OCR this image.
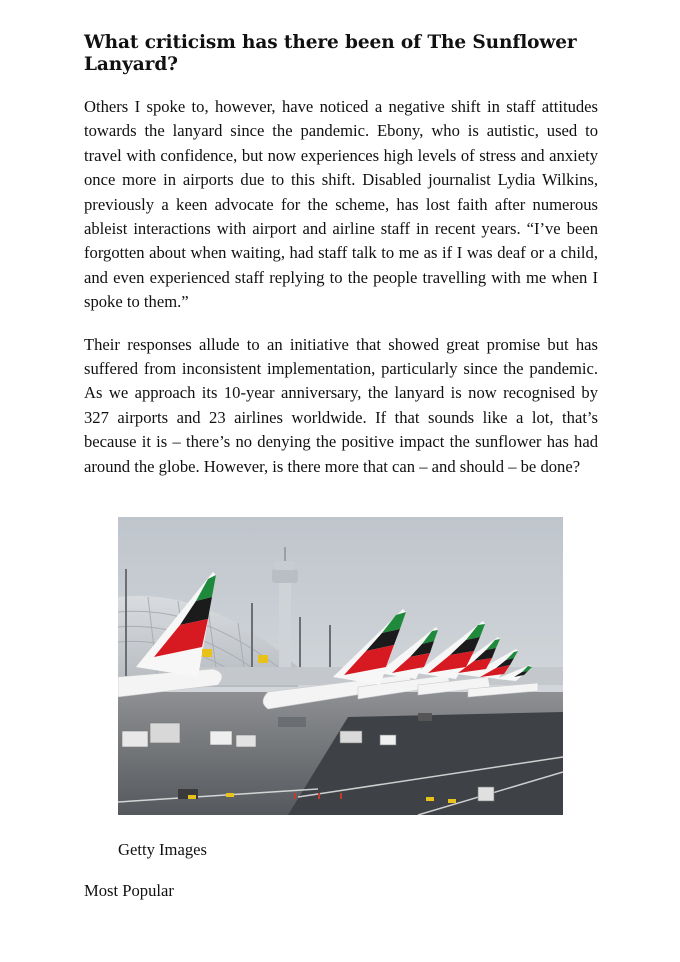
What criticism has there been of The Sunflower Lanyard?

Others I spoke to, however, have noticed a negative shift in staff attitudes towards the lanyard since the pandemic. Ebony, who is autistic, used to travel with confidence, but now experiences high levels of stress and anxiety once more in airports due to this shift. Disabled journalist Lydia Wilkins, previously a keen advocate for the scheme, has lost faith after numerous ableist interactions with airport and airline staff in recent years. “I’ve been forgotten about when waiting, had staff talk to me as if I was deaf or a child, and even experienced staff replying to the people travelling with me when I spoke to them.”

Their responses allude to an initiative that showed great promise but has suffered from inconsistent implementation, particularly since the pandemic. As we approach its 10-year anniversary, the lanyard is now recognised by 327 airports and 23 airlines worldwide. If that sounds like a lot, that’s because it is – there’s no denying the positive impact the sunflower has had around the globe. However, is there more that can – and should – be done?

Getty Images
Most Popular
